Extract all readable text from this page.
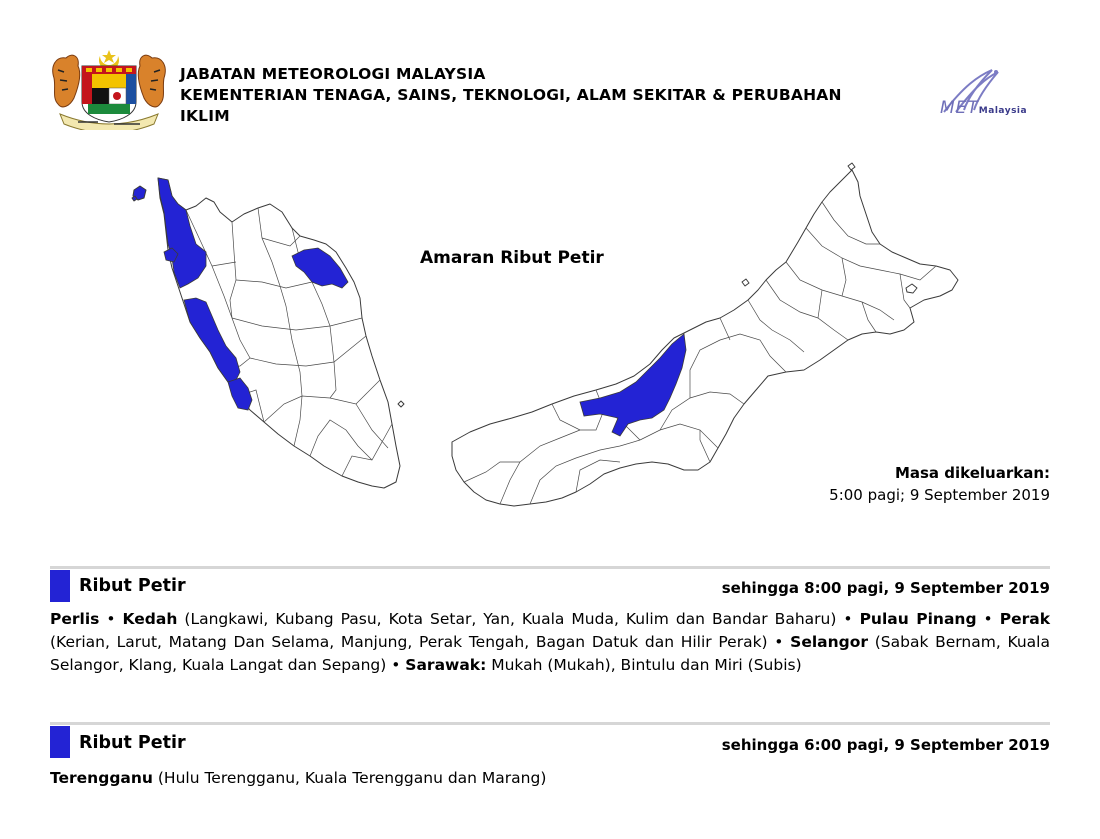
JABATAN METEOROLOGI MALAYSIA
KEMENTERIAN TENAGA, SAINS, TEKNOLOGI, ALAM SEKITAR & PERUBAHAN
IKLIM	METMalaysia
Amaran Ribut Petir
Masa dikeluarkan:
5:00 pagi; 9 September 2019
Ribut Petir	sehingga 8:00 pagi, 9 September 2019
Perlis • Kedah (Langkawi, Kubang Pasu, Kota Setar, Yan, Kuala Muda, Kulim dan Bandar Baharu) • Pulau Pinang • Perak (Kerian, Larut, Matang Dan Selama, Manjung, Perak Tengah, Bagan Datuk dan Hilir Perak) • Selangor (Sabak Bernam, Kuala Selangor, Klang, Kuala Langat dan Sepang) • Sarawak: Mukah (Mukah), Bintulu dan Miri (Subis)
Ribut Petir	sehingga 6:00 pagi, 9 September 2019
Terengganu (Hulu Terengganu, Kuala Terengganu dan Marang)
